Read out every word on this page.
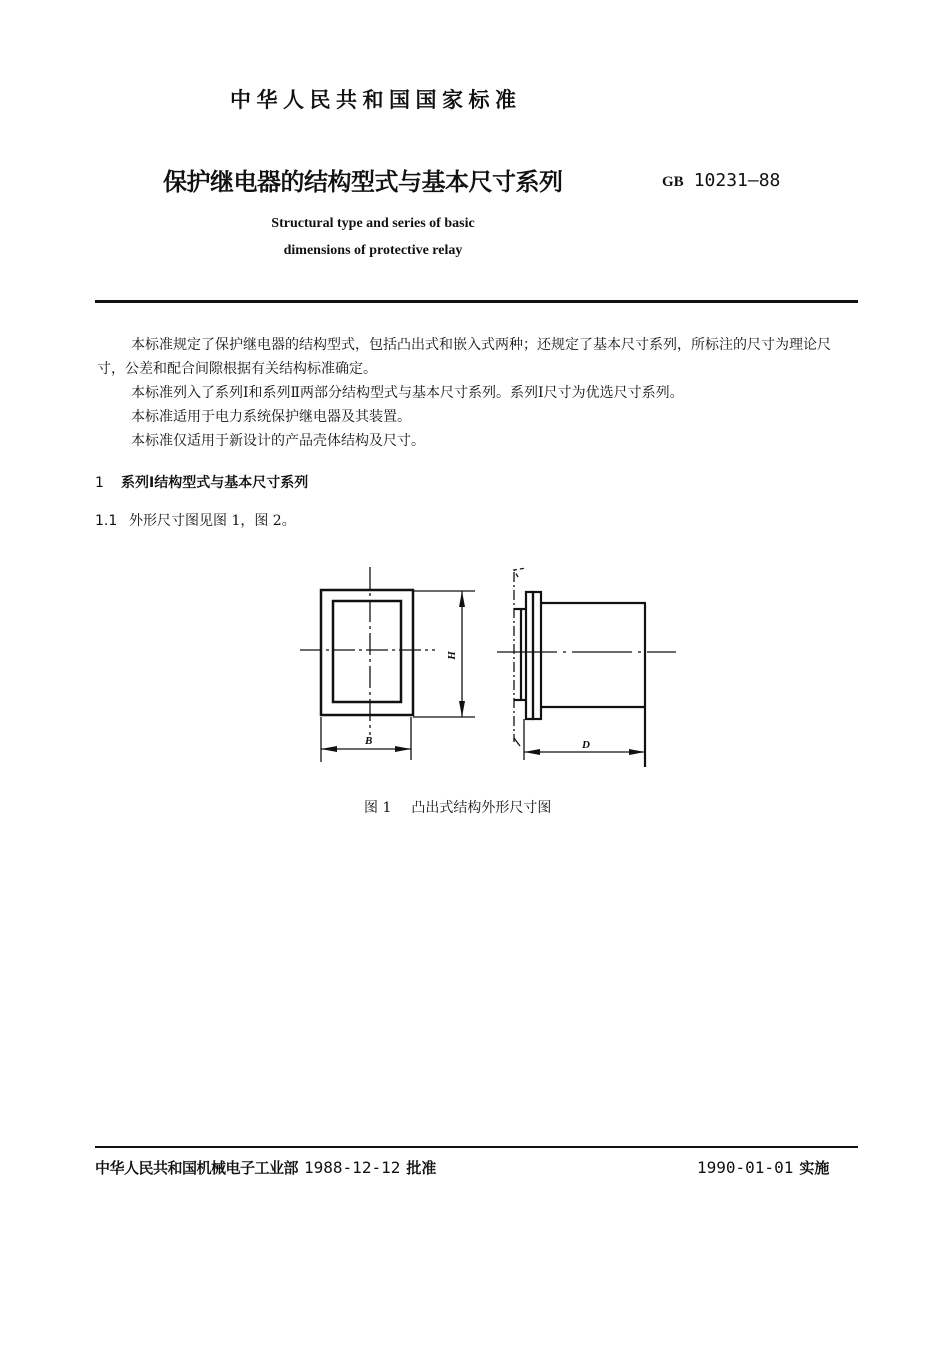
中华人民共和国国家标准
保护继电器的结构型式与基本尺寸系列	GB 10231—88
Structural type and series of basic
dimensions of protective relay

本标准规定了保护继电器的结构型式，包括凸出式和嵌入式两种；还规定了基本尺寸系列，所标注的尺寸为理论尺寸，公差和配合间隙根据有关结构标准确定。

本标准列入了系列Ⅰ和系列Ⅱ两部分结构型式与基本尺寸系列。系列Ⅰ尺寸为优选尺寸系列。

本标准适用于电力系统保护继电器及其装置。

本标准仅适用于新设计的产品壳体结构及尺寸。

1 系列Ⅰ结构型式与基本尺寸系列
1.1 外形尺寸图见图 1，图 2。
B
H
D
图 1 凸出式结构外形尺寸图
中华人民共和国机械电子工业部 1988-12-12 批准	1990-01-01 实施
